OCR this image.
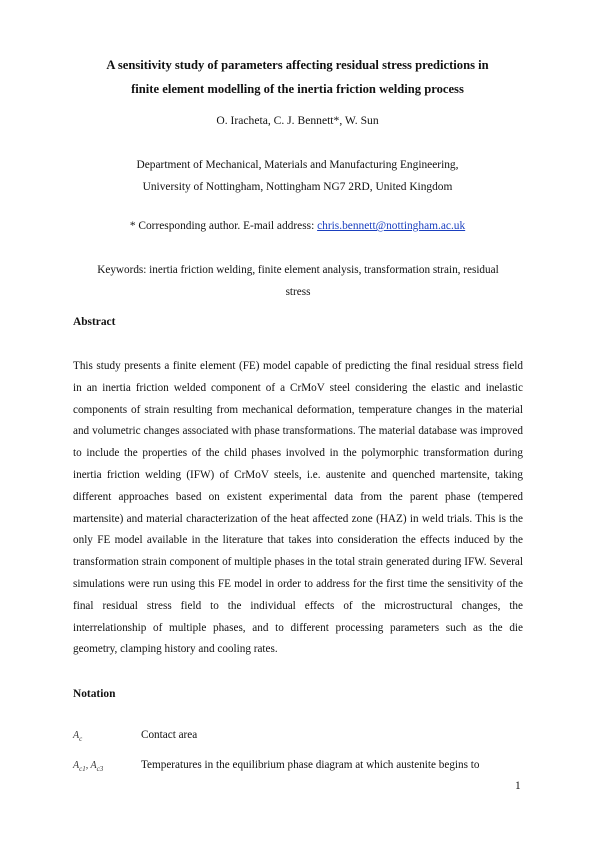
A sensitivity study of parameters affecting residual stress predictions in
finite element modelling of the inertia friction welding process
O. Iracheta, C. J. Bennett*, W. Sun
Department of Mechanical, Materials and Manufacturing Engineering,
University of Nottingham, Nottingham NG7 2RD, United Kingdom
* Corresponding author. E-mail address: chris.bennett@nottingham.ac.uk
Keywords: inertia friction welding, finite element analysis, transformation strain, residual
stress
Abstract
This study presents a finite element (FE) model capable of predicting the final residual stress field in an inertia friction welded component of a CrMoV steel considering the elastic and inelastic components of strain resulting from mechanical deformation, temperature changes in the material and volumetric changes associated with phase transformations. The material database was improved to include the properties of the child phases involved in the polymorphic transformation during inertia friction welding (IFW) of CrMoV steels, i.e. austenite and quenched martensite, taking different approaches based on existent experimental data from the parent phase (tempered martensite) and material characterization of the heat affected zone (HAZ) in weld trials. This is the only FE model available in the literature that takes into consideration the effects induced by the transformation strain component of multiple phases in the total strain generated during IFW. Several simulations were run using this FE model in order to address for the first time the sensitivity of the final residual stress field to the individual effects of the microstructural changes, the interrelationship of multiple phases, and to different processing parameters such as the die geometry, clamping history and cooling rates.
Notation
$A_c$	Contact area
$A_{c1}$, $A_{c3}$	Temperatures in the equilibrium phase diagram at which austenite begins to
1
